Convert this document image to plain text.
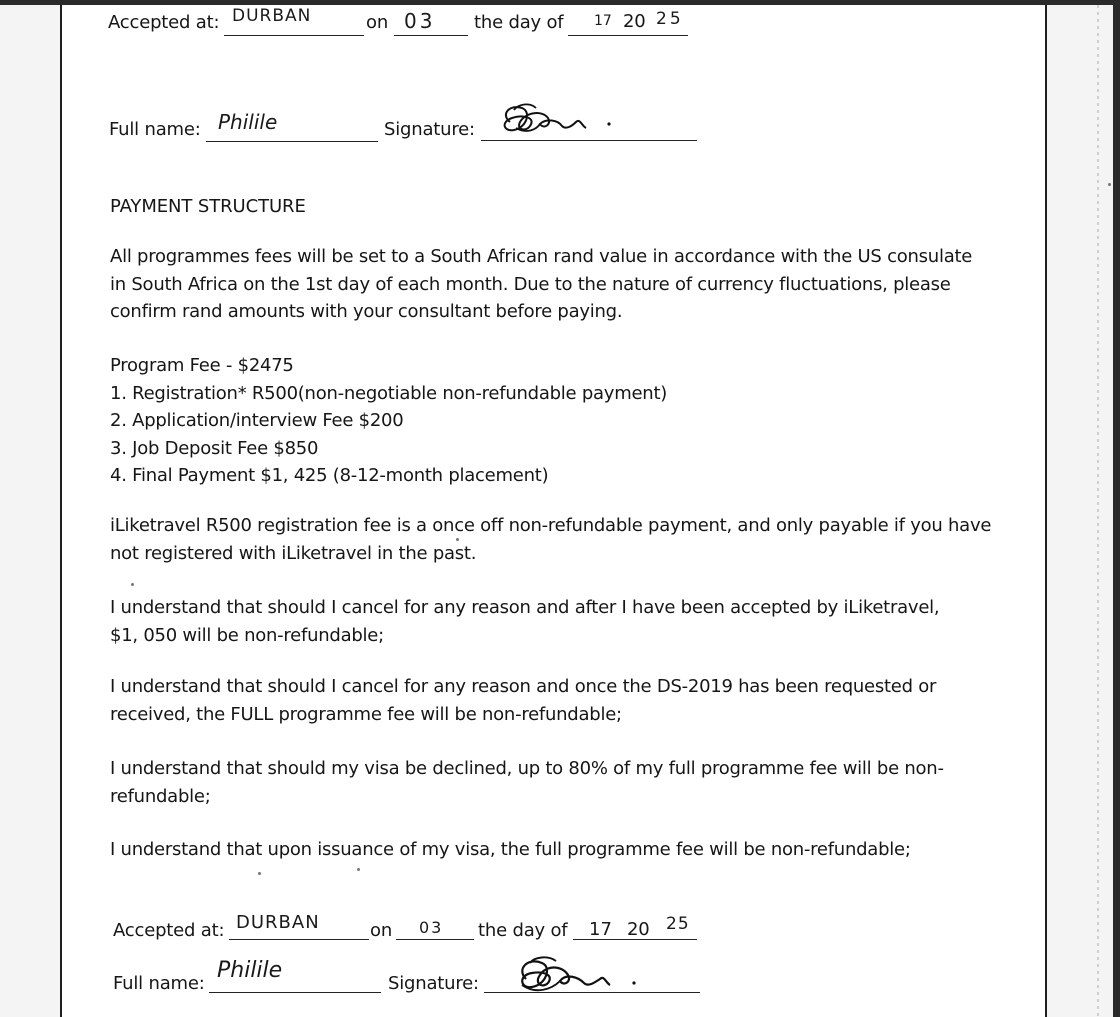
Accepted at: DURBAN	on 03 the day of 17 20 25
Full name: Philile	Signature:
PAYMENT STRUCTURE
All programmes fees will be set to a South African rand value in accordance with the US consulate
in South Africa on the 1st day of each month. Due to the nature of currency fluctuations, please
confirm rand amounts with your consultant before paying.
Program Fee - $2475
1. Registration* R500(non-negotiable non-refundable payment)
2. Application/interview Fee $200
3. Job Deposit Fee $850
4. Final Payment $1, 425 (8-12-month placement)
iLiketravel R500 registration fee is a once off non-refundable payment, and only payable if you have
not registered with iLiketravel in the past.
I understand that should I cancel for any reason and after I have been accepted by iLiketravel,
$1, 050 will be non-refundable;
I understand that should I cancel for any reason and once the DS-2019 has been requested or
received, the FULL programme fee will be non-refundable;
I understand that should my visa be declined, up to 80% of my full programme fee will be non-
refundable;
I understand that upon issuance of my visa, the full programme fee will be non-refundable;
Accepted at: DURBAN	on 03 the day of 17 20 25
Full name:
Philile
Signature:
